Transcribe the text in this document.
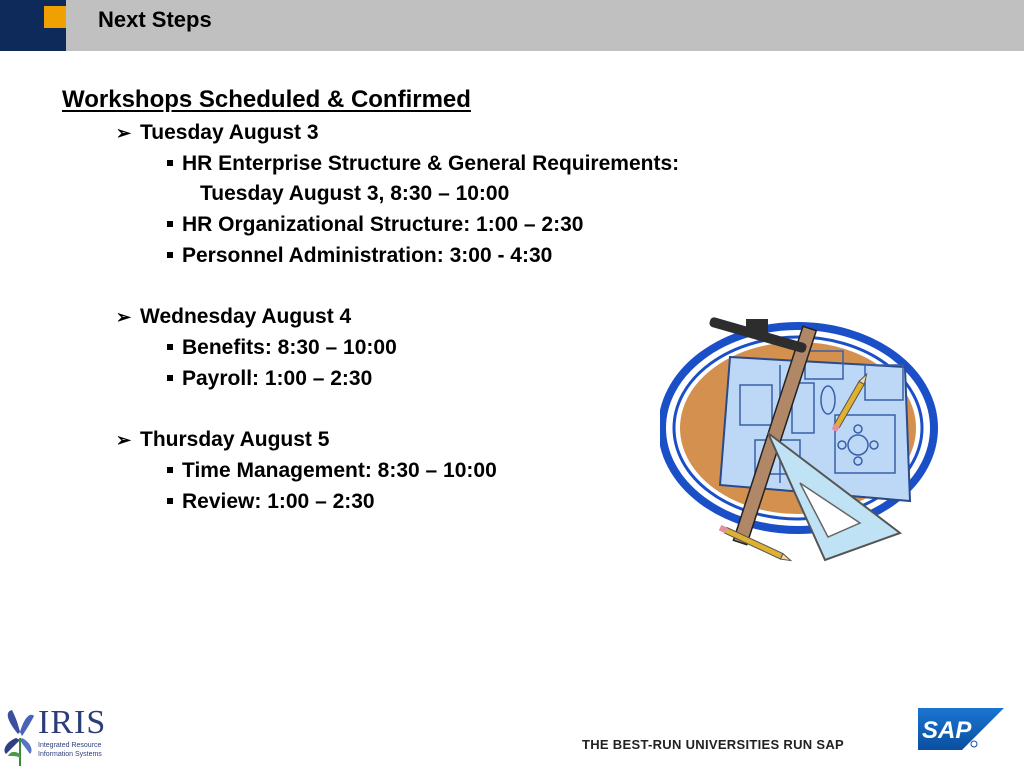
Next Steps
Workshops Scheduled & Confirmed
➢ Tuesday August 3
HR Enterprise Structure & General Requirements:
Tuesday August 3, 8:30 – 10:00
HR Organizational Structure: 1:00 – 2:30
Personnel Administration: 3:00 - 4:30
➢ Wednesday August 4
Benefits: 8:30 – 10:00
Payroll: 1:00 – 2:30
➢ Thursday August 5
Time Management: 8:30 – 10:00
Review: 1:00 – 2:30
IRIS
Integrated Resource
Information Systems
THE BEST-RUN UNIVERSITIES RUN SAP
SAP
